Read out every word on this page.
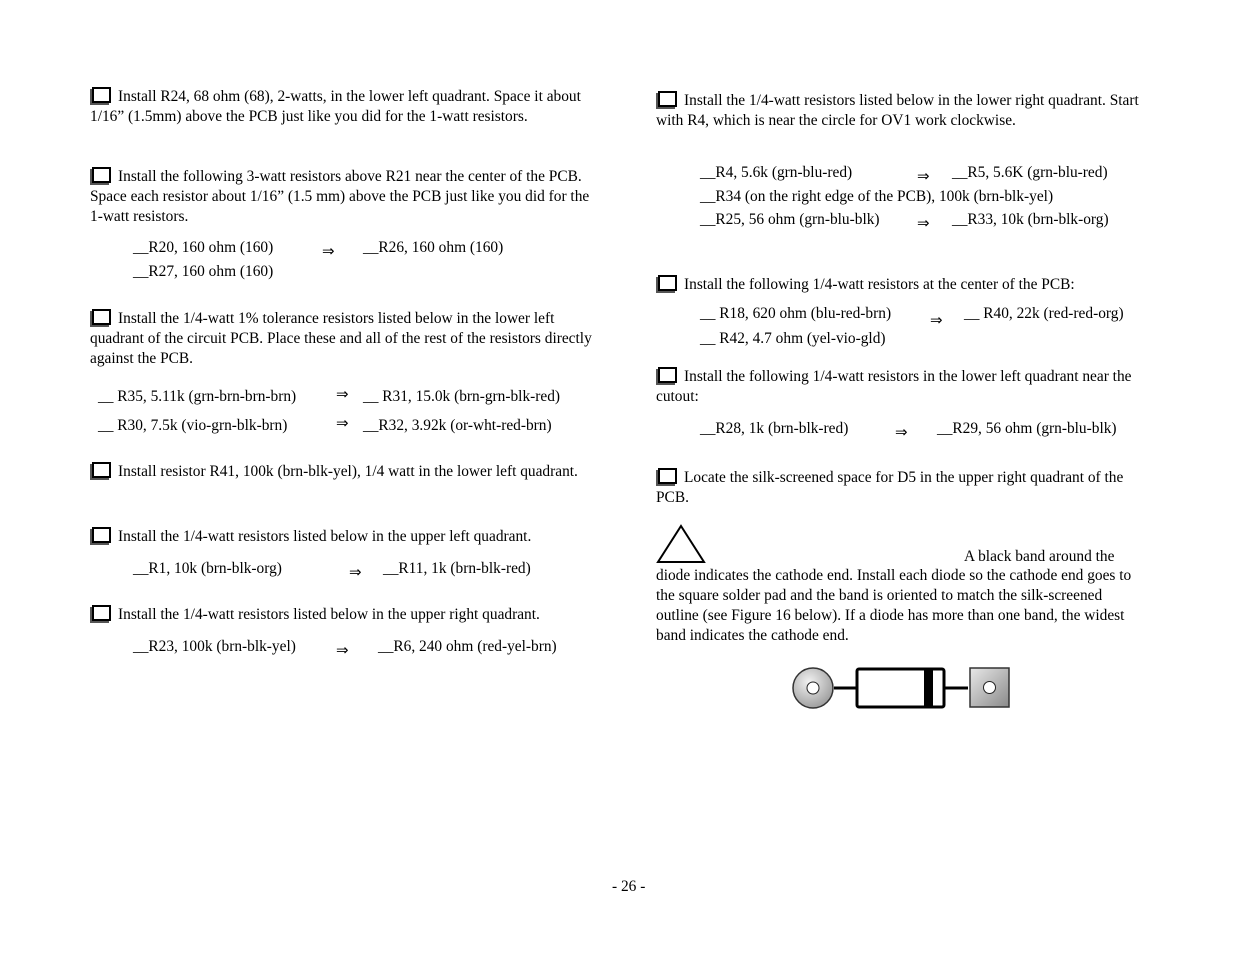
Install R24, 68 ohm (68), 2-watts, in the lower left quadrant. Space it about 1/16” (1.5mm) above the PCB just like you did for the 1-watt resistors.

Install the following 3-watt resistors above R21 near the center of the PCB. Space each resistor about 1/16” (1.5 mm) above the PCB just like you did for the 1-watt resistors.

__R20, 160 ohm (160)	⇒ __R26, 160 ohm (160)
__R27, 160 ohm (160)

Install the 1/4-watt 1% tolerance resistors listed below in the lower left quadrant of the circuit PCB. Place these and all of the rest of the resistors directly against the PCB.

__ R35, 5.11k (grn-brn-brn-brn)	⇒ __ R31, 15.0k (brn-grn-blk-red)
__ R30, 7.5k (vio-grn-blk-brn)	⇒ __R32, 3.92k (or-wht-red-brn)

Install resistor R41, 100k (brn-blk-yel), 1/4 watt in the lower left quadrant.

Install the 1/4-watt resistors listed below in the upper left quadrant.

__R1, 10k (brn-blk-org)	⇒ __R11, 1k (brn-blk-red)

Install the 1/4-watt resistors listed below in the upper right quadrant.

__R23, 100k (brn-blk-yel)	⇒ __R6, 240 ohm (red-yel-brn)

Install the 1/4-watt resistors listed below in the lower right quadrant. Start with R4, which is near the circle for OV1 work clockwise.

__R4, 5.6k (grn-blu-red)	⇒ __R5, 5.6K (grn-blu-red)
__R34 (on the right edge of the PCB), 100k (brn-blk-yel)
__R25, 56 ohm (grn-blu-blk) ⇒ __R33, 10k (brn-blk-org)

Install the following 1/4-watt resistors at the center of the PCB:

__ R18, 620 ohm (blu-red-brn)	⇒ __ R40, 22k (red-red-org)
__ R42, 4.7 ohm (yel-vio-gld)

Install the following 1/4-watt resistors in the lower left quadrant near the cutout:

__R28, 1k (brn-blk-red)	⇒ __R29, 56 ohm (grn-blu-blk)

Locate the silk-screened space for D5 in the upper right quadrant of the PCB.

A black band around the

diode indicates the cathode end. Install each diode so the cathode end goes to the square solder pad and the band is oriented to match the silk-screened outline (see Figure 16 below). If a diode has more than one band, the widest band indicates the cathode end.

- 26 -
